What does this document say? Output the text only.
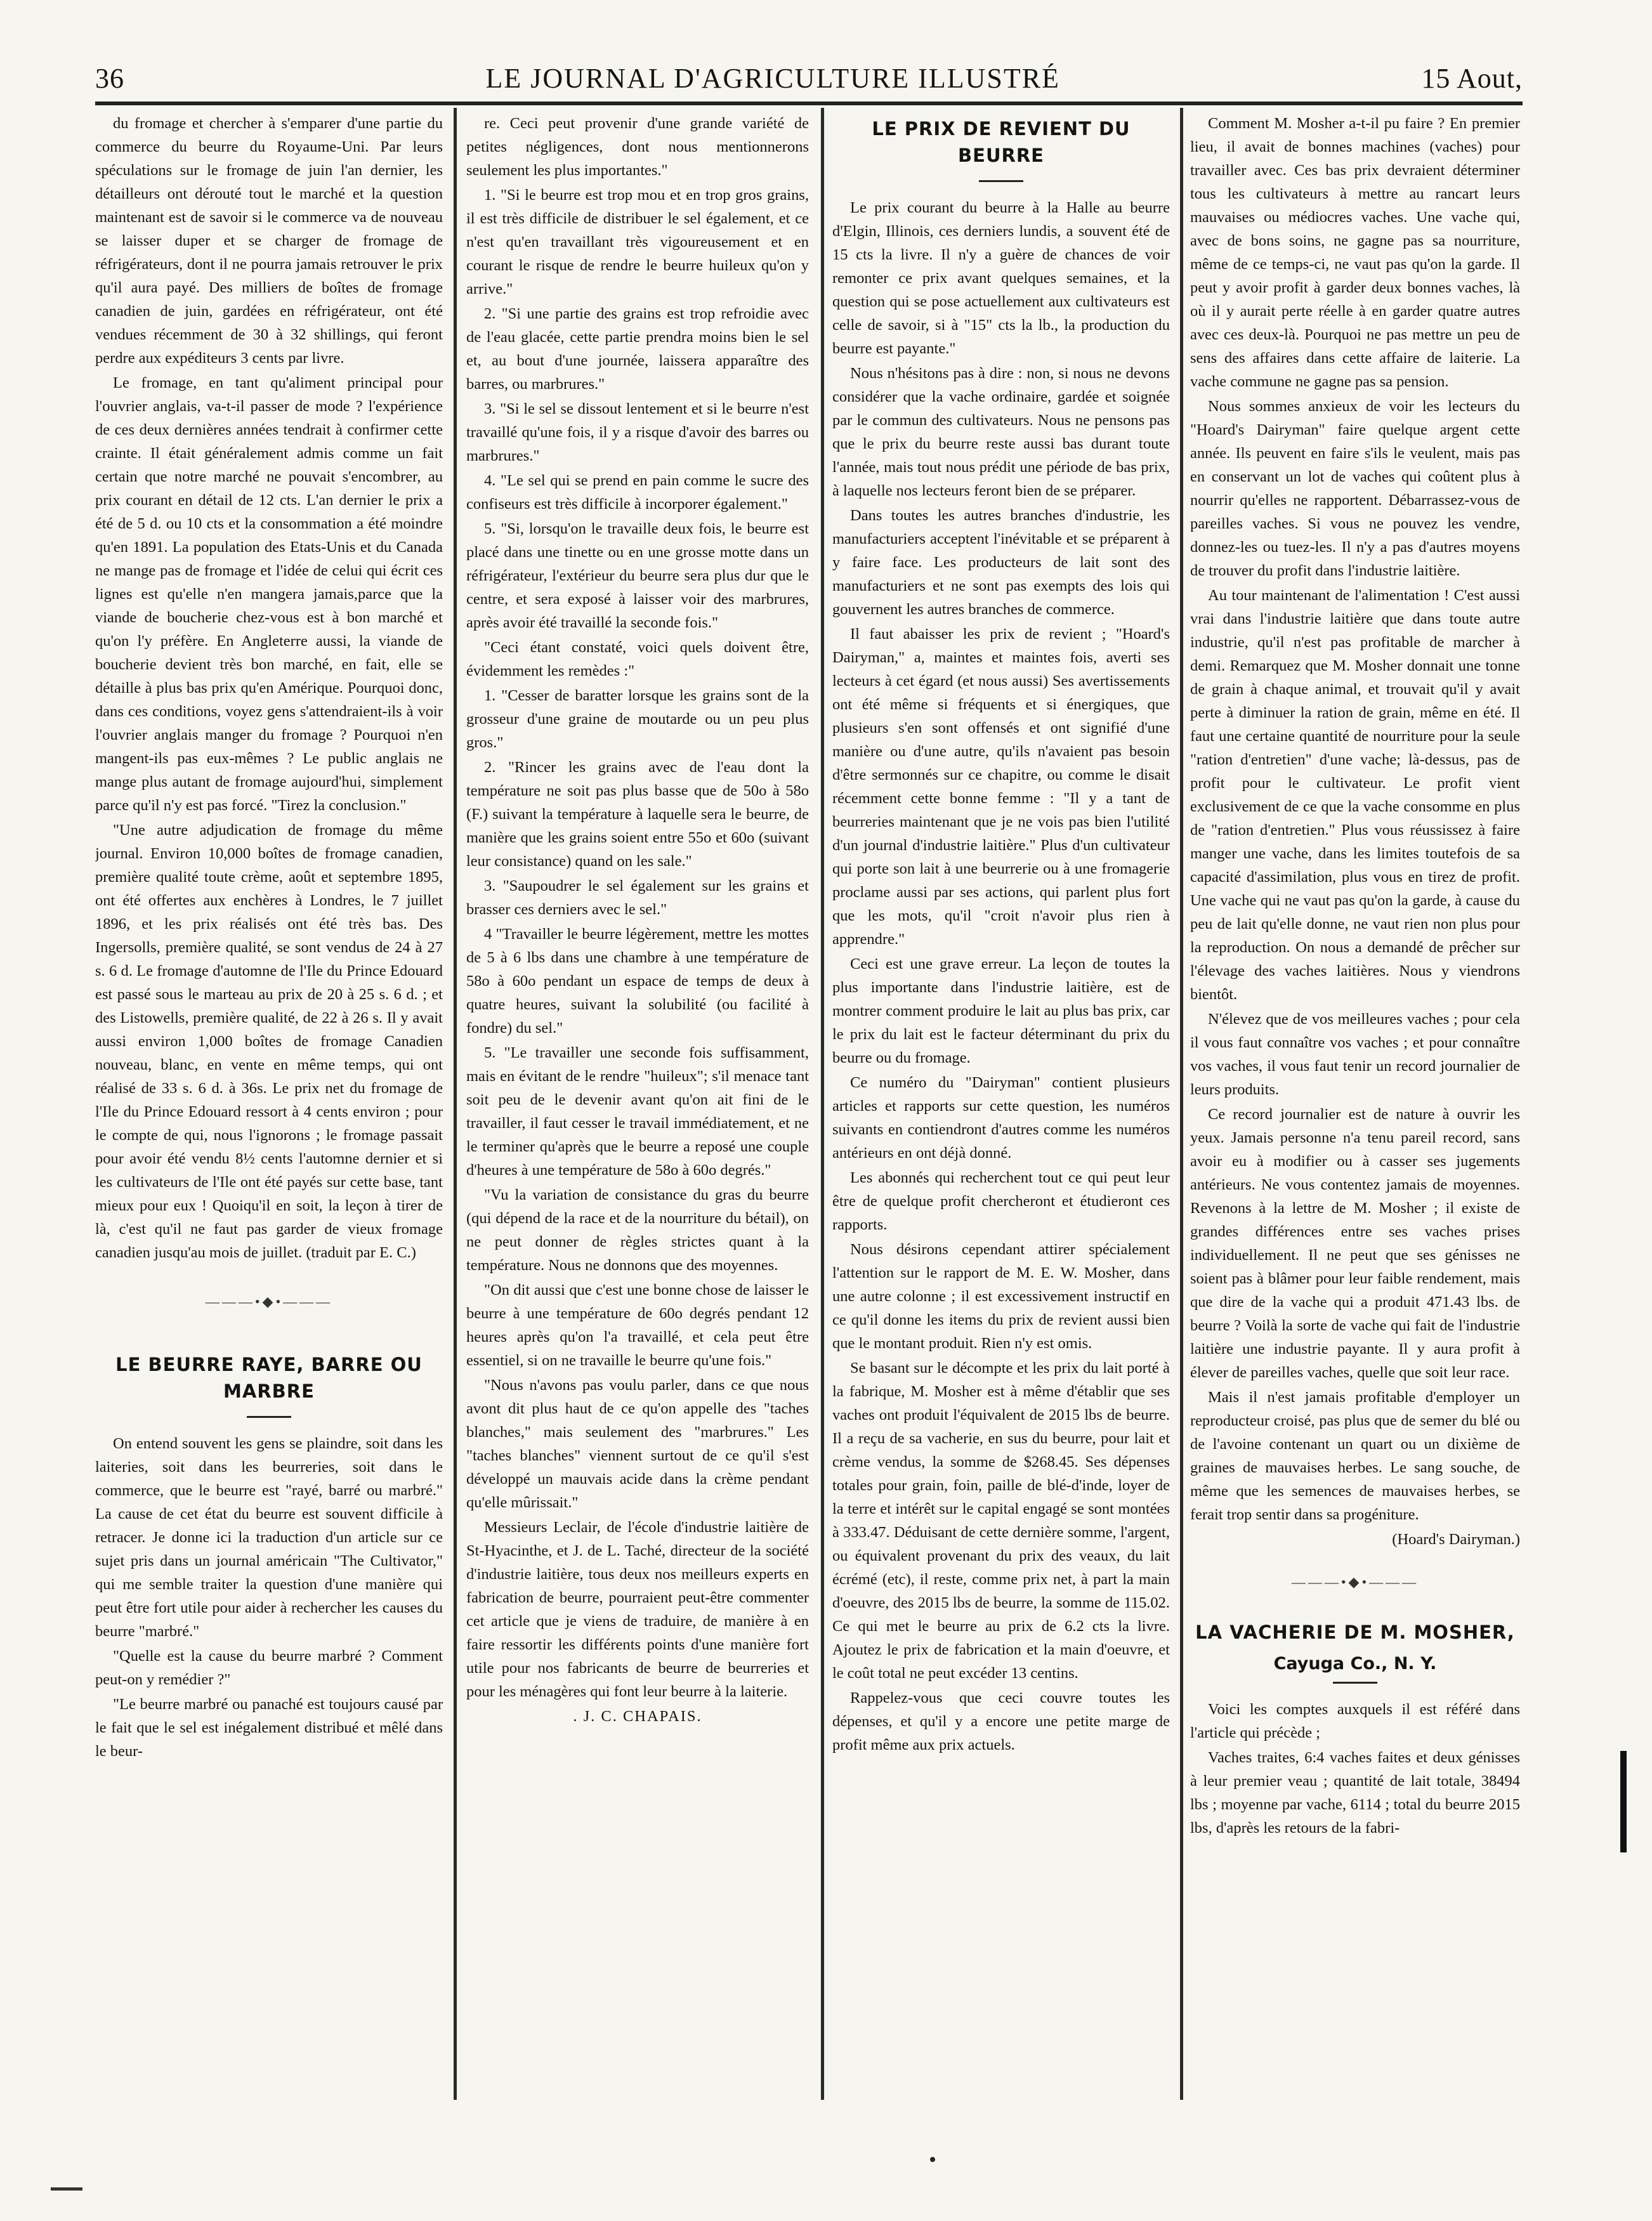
36	LE JOURNAL D'AGRICULTURE ILLUSTRÉ	15 Aout,

du fromage et chercher à s'emparer d'une partie du commerce du beurre du Royaume-Uni. Par leurs spéculations sur le fromage de juin l'an dernier, les détailleurs ont dérouté tout le marché et la question maintenant est de savoir si le commerce va de nouveau se laisser duper et se charger de fromage de réfrigérateurs, dont il ne pourra jamais retrouver le prix qu'il aura payé. Des milliers de boîtes de fromage canadien de juin, gardées en réfrigérateur, ont été vendues récemment de 30 à 32 shillings, qui feront perdre aux expéditeurs 3 cents par livre.

Le fromage, en tant qu'aliment principal pour l'ouvrier anglais, va-t-il passer de mode ? l'expérience de ces deux dernières années tendrait à confirmer cette crainte. Il était généralement admis comme un fait certain que notre marché ne pouvait s'encombrer, au prix courant en détail de 12 cts. L'an dernier le prix a été de 5 d. ou 10 cts et la consommation a été moindre qu'en 1891. La population des Etats-Unis et du Canada ne mange pas de fromage et l'idée de celui qui écrit ces lignes est qu'elle n'en mangera jamais,parce que la viande de boucherie chez-vous est à bon marché et qu'on l'y préfère. En Angleterre aussi, la viande de boucherie devient très bon marché, en fait, elle se détaille à plus bas prix qu'en Amérique. Pourquoi donc, dans ces conditions, voyez gens s'attendraient-ils à voir l'ouvrier anglais manger du fromage ? Pourquoi n'en mangent-ils pas eux-mêmes ? Le public anglais ne mange plus autant de fromage aujourd'hui, simplement parce qu'il n'y est pas forcé. "Tirez la conclusion."

"Une autre adjudication de fromage du même journal. Environ 10,000 boîtes de fromage canadien, première qualité toute crème, août et septembre 1895, ont été offertes aux enchères à Londres, le 7 juillet 1896, et les prix réalisés ont été très bas. Des Ingersolls, première qualité, se sont vendus de 24 à 27 s. 6 d. Le fromage d'automne de l'Ile du Prince Edouard est passé sous le marteau au prix de 20 à 25 s. 6 d. ; et des Listowells, première qualité, de 22 à 26 s. Il y avait aussi environ 1,000 boîtes de fromage Canadien nouveau, blanc, en vente en même temps, qui ont réalisé de 33 s. 6 d. à 36s. Le prix net du fromage de l'Ile du Prince Edouard ressort à 4 cents environ ; pour le compte de qui, nous l'ignorons ; le fromage passait pour avoir été vendu 8½ cents l'automne dernier et si les cultivateurs de l'Ile ont été payés sur cette base, tant mieux pour eux ! Quoiqu'il en soit, la leçon à tirer de là, c'est qu'il ne faut pas garder de vieux fromage canadien jusqu'au mois de juillet. (traduit par E. C.)

———•◆•———
LE BEURRE RAYE, BARRE OU MARBRE

On entend souvent les gens se plaindre, soit dans les laiteries, soit dans les beurreries, soit dans le commerce, que le beurre est "rayé, barré ou marbré." La cause de cet état du beurre est souvent difficile à retracer. Je donne ici la traduction d'un article sur ce sujet pris dans un journal américain "The Cultivator," qui me semble traiter la question d'une manière qui peut être fort utile pour aider à rechercher les causes du beurre "marbré."

"Quelle est la cause du beurre marbré ? Comment peut-on y remédier ?"

"Le beurre marbré ou panaché est toujours causé par le fait que le sel est inégalement distribué et mêlé dans le beur-

re. Ceci peut provenir d'une grande variété de petites négligences, dont nous mentionnerons seulement les plus importantes."

1. "Si le beurre est trop mou et en trop gros grains, il est très difficile de distribuer le sel également, et ce n'est qu'en travaillant très vigoureusement et en courant le risque de rendre le beurre huileux qu'on y arrive."

2. "Si une partie des grains est trop refroidie avec de l'eau glacée, cette partie prendra moins bien le sel et, au bout d'une journée, laissera apparaître des barres, ou marbrures."

3. "Si le sel se dissout lentement et si le beurre n'est travaillé qu'une fois, il y a risque d'avoir des barres ou marbrures."

4. "Le sel qui se prend en pain comme le sucre des confiseurs est très difficile à incorporer également."

5. "Si, lorsqu'on le travaille deux fois, le beurre est placé dans une tinette ou en une grosse motte dans un réfrigérateur, l'extérieur du beurre sera plus dur que le centre, et sera exposé à laisser voir des marbrures, après avoir été travaillé la seconde fois."

"Ceci étant constaté, voici quels doivent être, évidemment les remèdes :"

1. "Cesser de baratter lorsque les grains sont de la grosseur d'une graine de moutarde ou un peu plus gros."

2. "Rincer les grains avec de l'eau dont la température ne soit pas plus basse que de 50o à 58o (F.) suivant la température à laquelle sera le beurre, de manière que les grains soient entre 55o et 60o (suivant leur consistance) quand on les sale."

3. "Saupoudrer le sel également sur les grains et brasser ces derniers avec le sel."

4 "Travailler le beurre légèrement, mettre les mottes de 5 à 6 lbs dans une chambre à une température de 58o à 60o pendant un espace de temps de deux à quatre heures, suivant la solubilité (ou facilité à fondre) du sel."

5. "Le travailler une seconde fois suffisamment, mais en évitant de le rendre "huileux"; s'il menace tant soit peu de le devenir avant qu'on ait fini de le travailler, il faut cesser le travail immédiatement, et ne le terminer qu'après que le beurre a reposé une couple d'heures à une température de 58o à 60o degrés."

"Vu la variation de consistance du gras du beurre (qui dépend de la race et de la nourriture du bétail), on ne peut donner de règles strictes quant à la température. Nous ne donnons que des moyennes.

"On dit aussi que c'est une bonne chose de laisser le beurre à une température de 60o degrés pendant 12 heures après qu'on l'a travaillé, et cela peut être essentiel, si on ne travaille le beurre qu'une fois."

"Nous n'avons pas voulu parler, dans ce que nous avont dit plus haut de ce qu'on appelle des "taches blanches," mais seulement des "marbrures." Les "taches blanches" viennent surtout de ce qu'il s'est développé un mauvais acide dans la crème pendant qu'elle mûrissait."

Messieurs Leclair, de l'école d'industrie laitière de St-Hyacinthe, et J. de L. Taché, directeur de la société d'industrie laitière, tous deux nos meilleurs experts en fabrication de beurre, pourraient peut-être commenter cet article que je viens de traduire, de manière à en faire ressortir les différents points d'une manière fort utile pour nos fabricants de beurre de beurreries et pour les ménagères qui font leur beurre à la laiterie.

. J. C. CHAPAIS.

LE PRIX DE REVIENT DU BEURRE

Le prix courant du beurre à la Halle au beurre d'Elgin, Illinois, ces derniers lundis, a souvent été de 15 cts la livre. Il n'y a guère de chances de voir remonter ce prix avant quelques semaines, et la question qui se pose actuellement aux cultivateurs est celle de savoir, si à "15" cts la lb., la production du beurre est payante."

Nous n'hésitons pas à dire : non, si nous ne devons considérer que la vache ordinaire, gardée et soignée par le commun des cultivateurs. Nous ne pensons pas que le prix du beurre reste aussi bas durant toute l'année, mais tout nous prédit une période de bas prix, à laquelle nos lecteurs feront bien de se préparer.

Dans toutes les autres branches d'industrie, les manufacturiers acceptent l'inévitable et se préparent à y faire face. Les producteurs de lait sont des manufacturiers et ne sont pas exempts des lois qui gouvernent les autres branches de commerce.

Il faut abaisser les prix de revient ; "Hoard's Dairyman," a, maintes et maintes fois, averti ses lecteurs à cet égard (et nous aussi) Ses avertissements ont été même si fréquents et si énergiques, que plusieurs s'en sont offensés et ont signifié d'une manière ou d'une autre, qu'ils n'avaient pas besoin d'être sermonnés sur ce chapitre, ou comme le disait récemment cette bonne femme : "Il y a tant de beurreries maintenant que je ne vois pas bien l'utilité d'un journal d'industrie laitière." Plus d'un cultivateur qui porte son lait à une beurrerie ou à une fromagerie proclame aussi par ses actions, qui parlent plus fort que les mots, qu'il "croit n'avoir plus rien à apprendre."

Ceci est une grave erreur. La leçon de toutes la plus importante dans l'industrie laitière, est de montrer comment produire le lait au plus bas prix, car le prix du lait est le facteur déterminant du prix du beurre ou du fromage.

Ce numéro du "Dairyman" contient plusieurs articles et rapports sur cette question, les numéros suivants en contiendront d'autres comme les numéros antérieurs en ont déjà donné.

Les abonnés qui recherchent tout ce qui peut leur être de quelque profit chercheront et étudieront ces rapports.

Nous désirons cependant attirer spécialement l'attention sur le rapport de M. E. W. Mosher, dans une autre colonne ; il est excessivement instructif en ce qu'il donne les items du prix de revient aussi bien que le montant produit. Rien n'y est omis.

Se basant sur le décompte et les prix du lait porté à la fabrique, M. Mosher est à même d'établir que ses vaches ont produit l'équivalent de 2015 lbs de beurre. Il a reçu de sa vacherie, en sus du beurre, pour lait et crème vendus, la somme de $268.45. Ses dépenses totales pour grain, foin, paille de blé-d'inde, loyer de la terre et intérêt sur le capital engagé se sont montées à 333.47. Déduisant de cette dernière somme, l'argent, ou équivalent provenant du prix des veaux, du lait écrémé (etc), il reste, comme prix net, à part la main d'oeuvre, des 2015 lbs de beurre, la somme de 115.02. Ce qui met le beurre au prix de 6.2 cts la livre. Ajoutez le prix de fabrication et la main d'oeuvre, et le coût total ne peut excéder 13 centins.

Rappelez-vous que ceci couvre toutes les dépenses, et qu'il y a encore une petite marge de profit même aux prix actuels.

Comment M. Mosher a-t-il pu faire ? En premier lieu, il avait de bonnes machines (vaches) pour travailler avec. Ces bas prix devraient déterminer tous les cultivateurs à mettre au rancart leurs mauvaises ou médiocres vaches. Une vache qui, avec de bons soins, ne gagne pas sa nourriture, même de ce temps-ci, ne vaut pas qu'on la garde. Il peut y avoir profit à garder deux bonnes vaches, là où il y aurait perte réelle à en garder quatre autres avec ces deux-là. Pourquoi ne pas mettre un peu de sens des affaires dans cette affaire de laiterie. La vache commune ne gagne pas sa pension.

Nous sommes anxieux de voir les lecteurs du "Hoard's Dairyman" faire quelque argent cette année. Ils peuvent en faire s'ils le veulent, mais pas en conservant un lot de vaches qui coûtent plus à nourrir qu'elles ne rapportent. Débarrassez-vous de pareilles vaches. Si vous ne pouvez les vendre, donnez-les ou tuez-les. Il n'y a pas d'autres moyens de trouver du profit dans l'industrie laitière.

Au tour maintenant de l'alimentation ! C'est aussi vrai dans l'industrie laitière que dans toute autre industrie, qu'il n'est pas profitable de marcher à demi. Remarquez que M. Mosher donnait une tonne de grain à chaque animal, et trouvait qu'il y avait perte à diminuer la ration de grain, même en été. Il faut une certaine quantité de nourriture pour la seule "ration d'entretien" d'une vache; là-dessus, pas de profit pour le cultivateur. Le profit vient exclusivement de ce que la vache consomme en plus de "ration d'entretien." Plus vous réussissez à faire manger une vache, dans les limites toutefois de sa capacité d'assimilation, plus vous en tirez de profit. Une vache qui ne vaut pas qu'on la garde, à cause du peu de lait qu'elle donne, ne vaut rien non plus pour la reproduction. On nous a demandé de prêcher sur l'élevage des vaches laitières. Nous y viendrons bientôt.

N'élevez que de vos meilleures vaches ; pour cela il vous faut connaître vos vaches ; et pour connaître vos vaches, il vous faut tenir un record journalier de leurs produits.

Ce record journalier est de nature à ouvrir les yeux. Jamais personne n'a tenu pareil record, sans avoir eu à modifier ou à casser ses jugements antérieurs. Ne vous contentez jamais de moyennes. Revenons à la lettre de M. Mosher ; il existe de grandes différences entre ses vaches prises individuellement. Il ne peut que ses génisses ne soient pas à blâmer pour leur faible rendement, mais que dire de la vache qui a produit 471.43 lbs. de beurre ? Voilà la sorte de vache qui fait de l'industrie laitière une industrie payante. Il y aura profit à élever de pareilles vaches, quelle que soit leur race.

Mais il n'est jamais profitable d'employer un reproducteur croisé, pas plus que de semer du blé ou de l'avoine contenant un quart ou un dixième de graines de mauvaises herbes. Le sang souche, de même que les semences de mauvaises herbes, se ferait trop sentir dans sa progéniture.

(Hoard's Dairyman.)

———•◆•———
LA VACHERIE DE M. MOSHER,
Cayuga Co., N. Y.

Voici les comptes auxquels il est référé dans l'article qui précède ;

Vaches traites, 6:4 vaches faites et deux génisses à leur premier veau ; quantité de lait totale, 38494 lbs ; moyenne par vache, 6114 ; total du beurre 2015 lbs, d'après les retours de la fabri-
